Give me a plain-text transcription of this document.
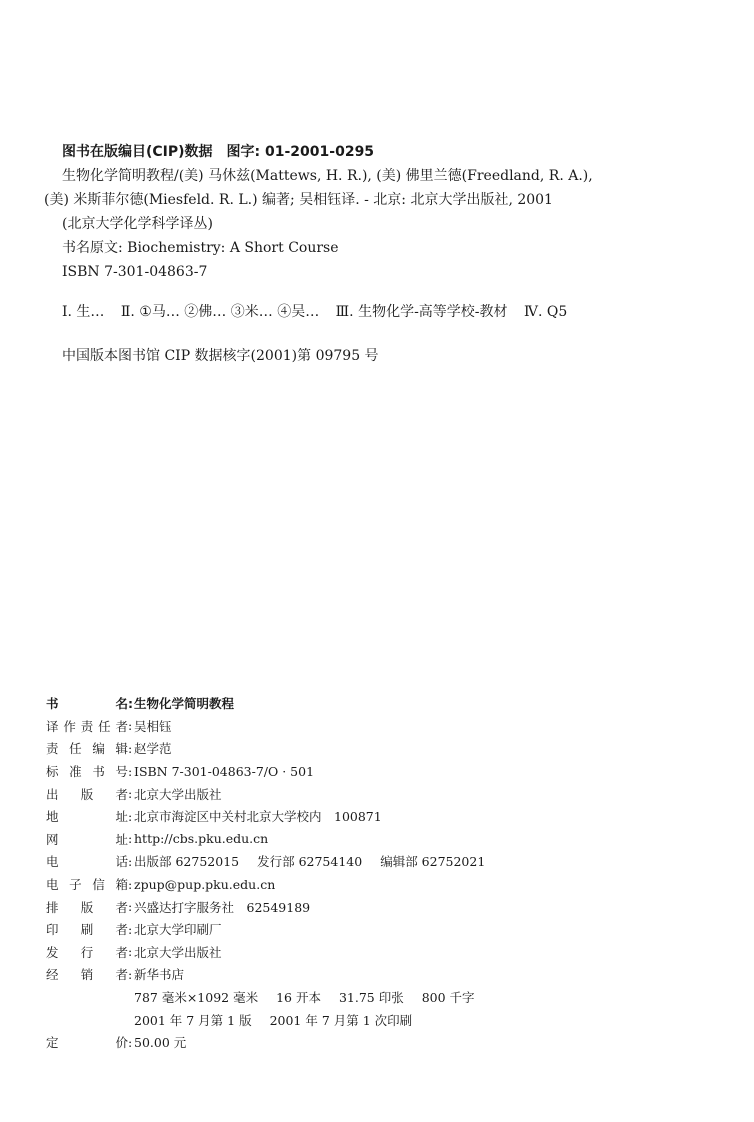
图书在版编目(CIP)数据　图字: 01-2001-0295
生物化学简明教程/(美) 马休兹(Mattews, H. R.), (美) 佛里兰德(Freedland, R. A.),
(美) 米斯菲尔德(Miesfeld. R. L.) 编著; 吴相钰译. - 北京: 北京大学出版社, 2001
(北京大学化学科学译丛)
书名原文: Biochemistry: A Short Course
ISBN 7-301-04863-7
Ⅰ. 生… Ⅱ. ①马… ②佛… ③米… ④吴… Ⅲ. 生物化学-高等学校-教材 Ⅳ. Q5
中国版本图书馆 CIP 数据核字(2001)第 09795 号
书	名 : 生物化学简明教程
译 作 责 任 者 : 吴相钰
责 任 编 辑 : 赵学范
标 准 书 号 : ISBN 7-301-04863-7/O · 501
出 版 者 : 北京大学出版社
地	址 : 北京市海淀区中关村北京大学校内　100871
网	址 : http://cbs.pku.edu.cn
电	话 : 出版部 62752015 发行部 62754140 编辑部 62752021
电 子 信 箱 : zpup@pup.pku.edu.cn
排 版 者 : 兴盛达打字服务社　62549189
印 刷 者 : 北京大学印刷厂
发 行 者 : 北京大学出版社
经 销 者 : 新华书店
787 毫米×1092 毫米 16 开本 31.75 印张 800 千字
2001 年 7 月第 1 版 2001 年 7 月第 1 次印刷
定	价 : 50.00 元
